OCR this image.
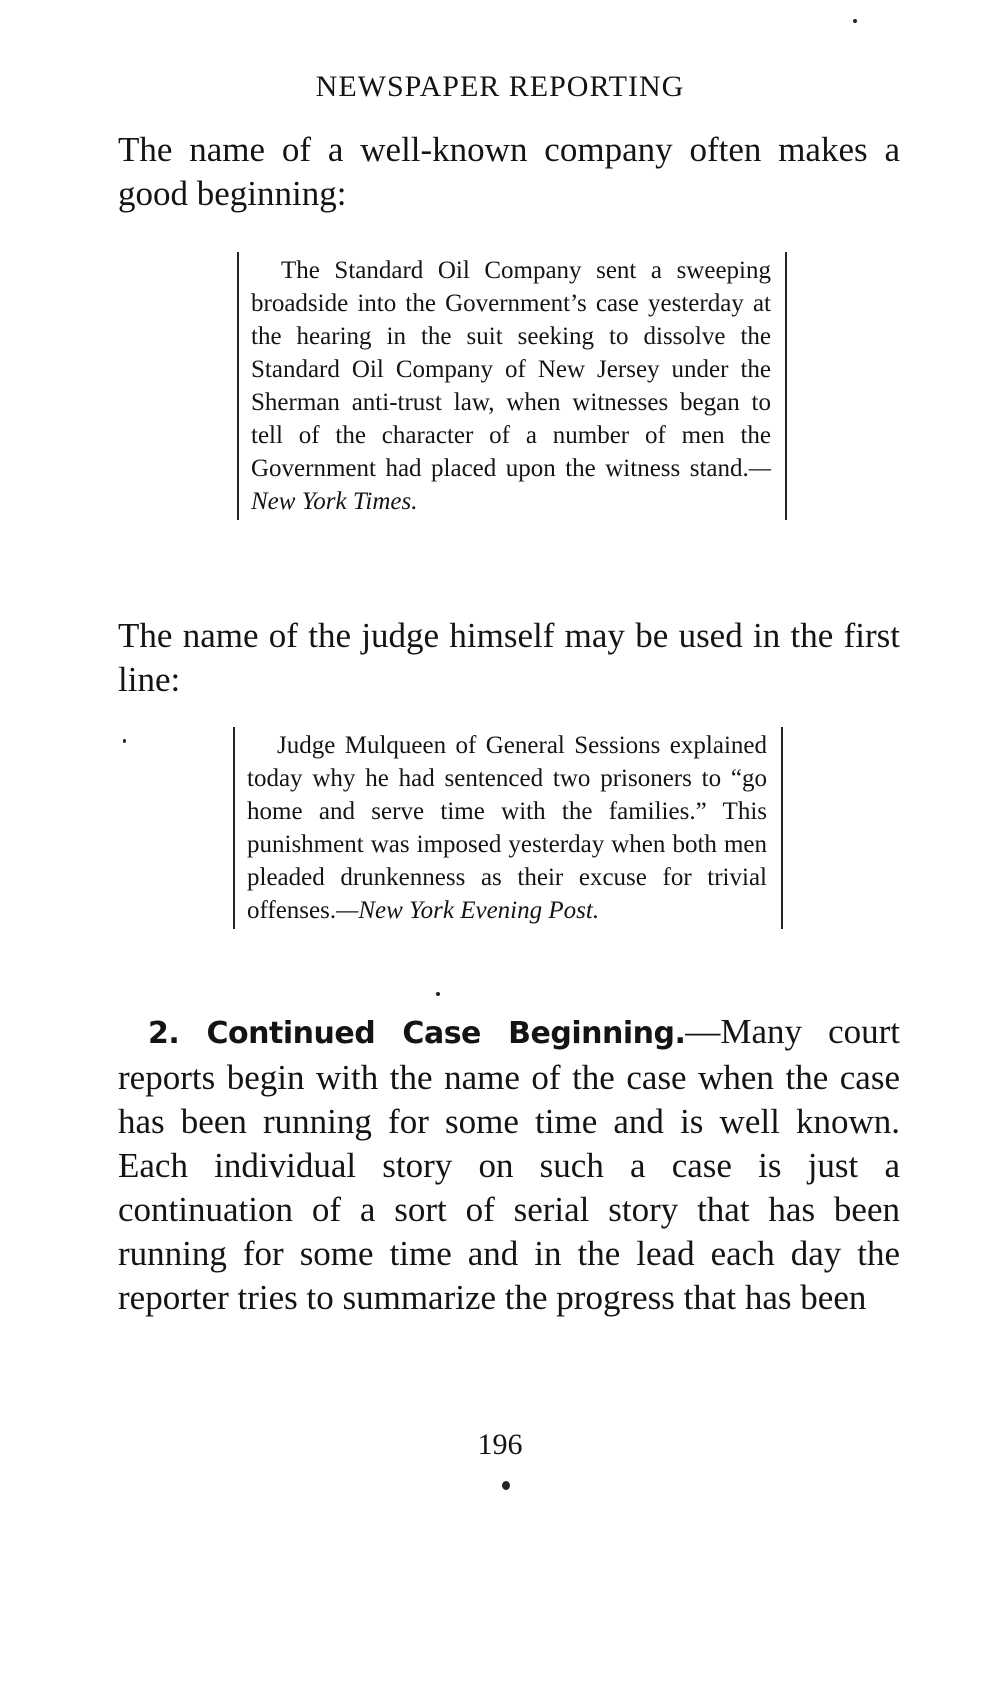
NEWSPAPER REPORTING

The name of a well-known company often makes a good beginning:

The Standard Oil Company sent a sweeping broadside into the Government’s case yesterday at the hearing in the suit seeking to dissolve the Standard Oil Company of New Jersey under the Sherman anti-trust law, when witnesses began to tell of the character of a number of men the Government had placed upon the witness stand.—New York Times.

The name of the judge himself may be used in the first line:

Judge Mulqueen of General Sessions explained today why he had sentenced two prisoners to “go home and serve time with the families.” This punishment was imposed yesterday when both men pleaded drunkenness as their excuse for trivial offenses.—New York Evening Post.

2. Continued Case Beginning.—Many court reports begin with the name of the case when the case has been running for some time and is well known. Each individual story on such a case is just a continuation of a sort of serial story that has been running for some time and in the lead each day the reporter tries to summarize the progress that has been

196
